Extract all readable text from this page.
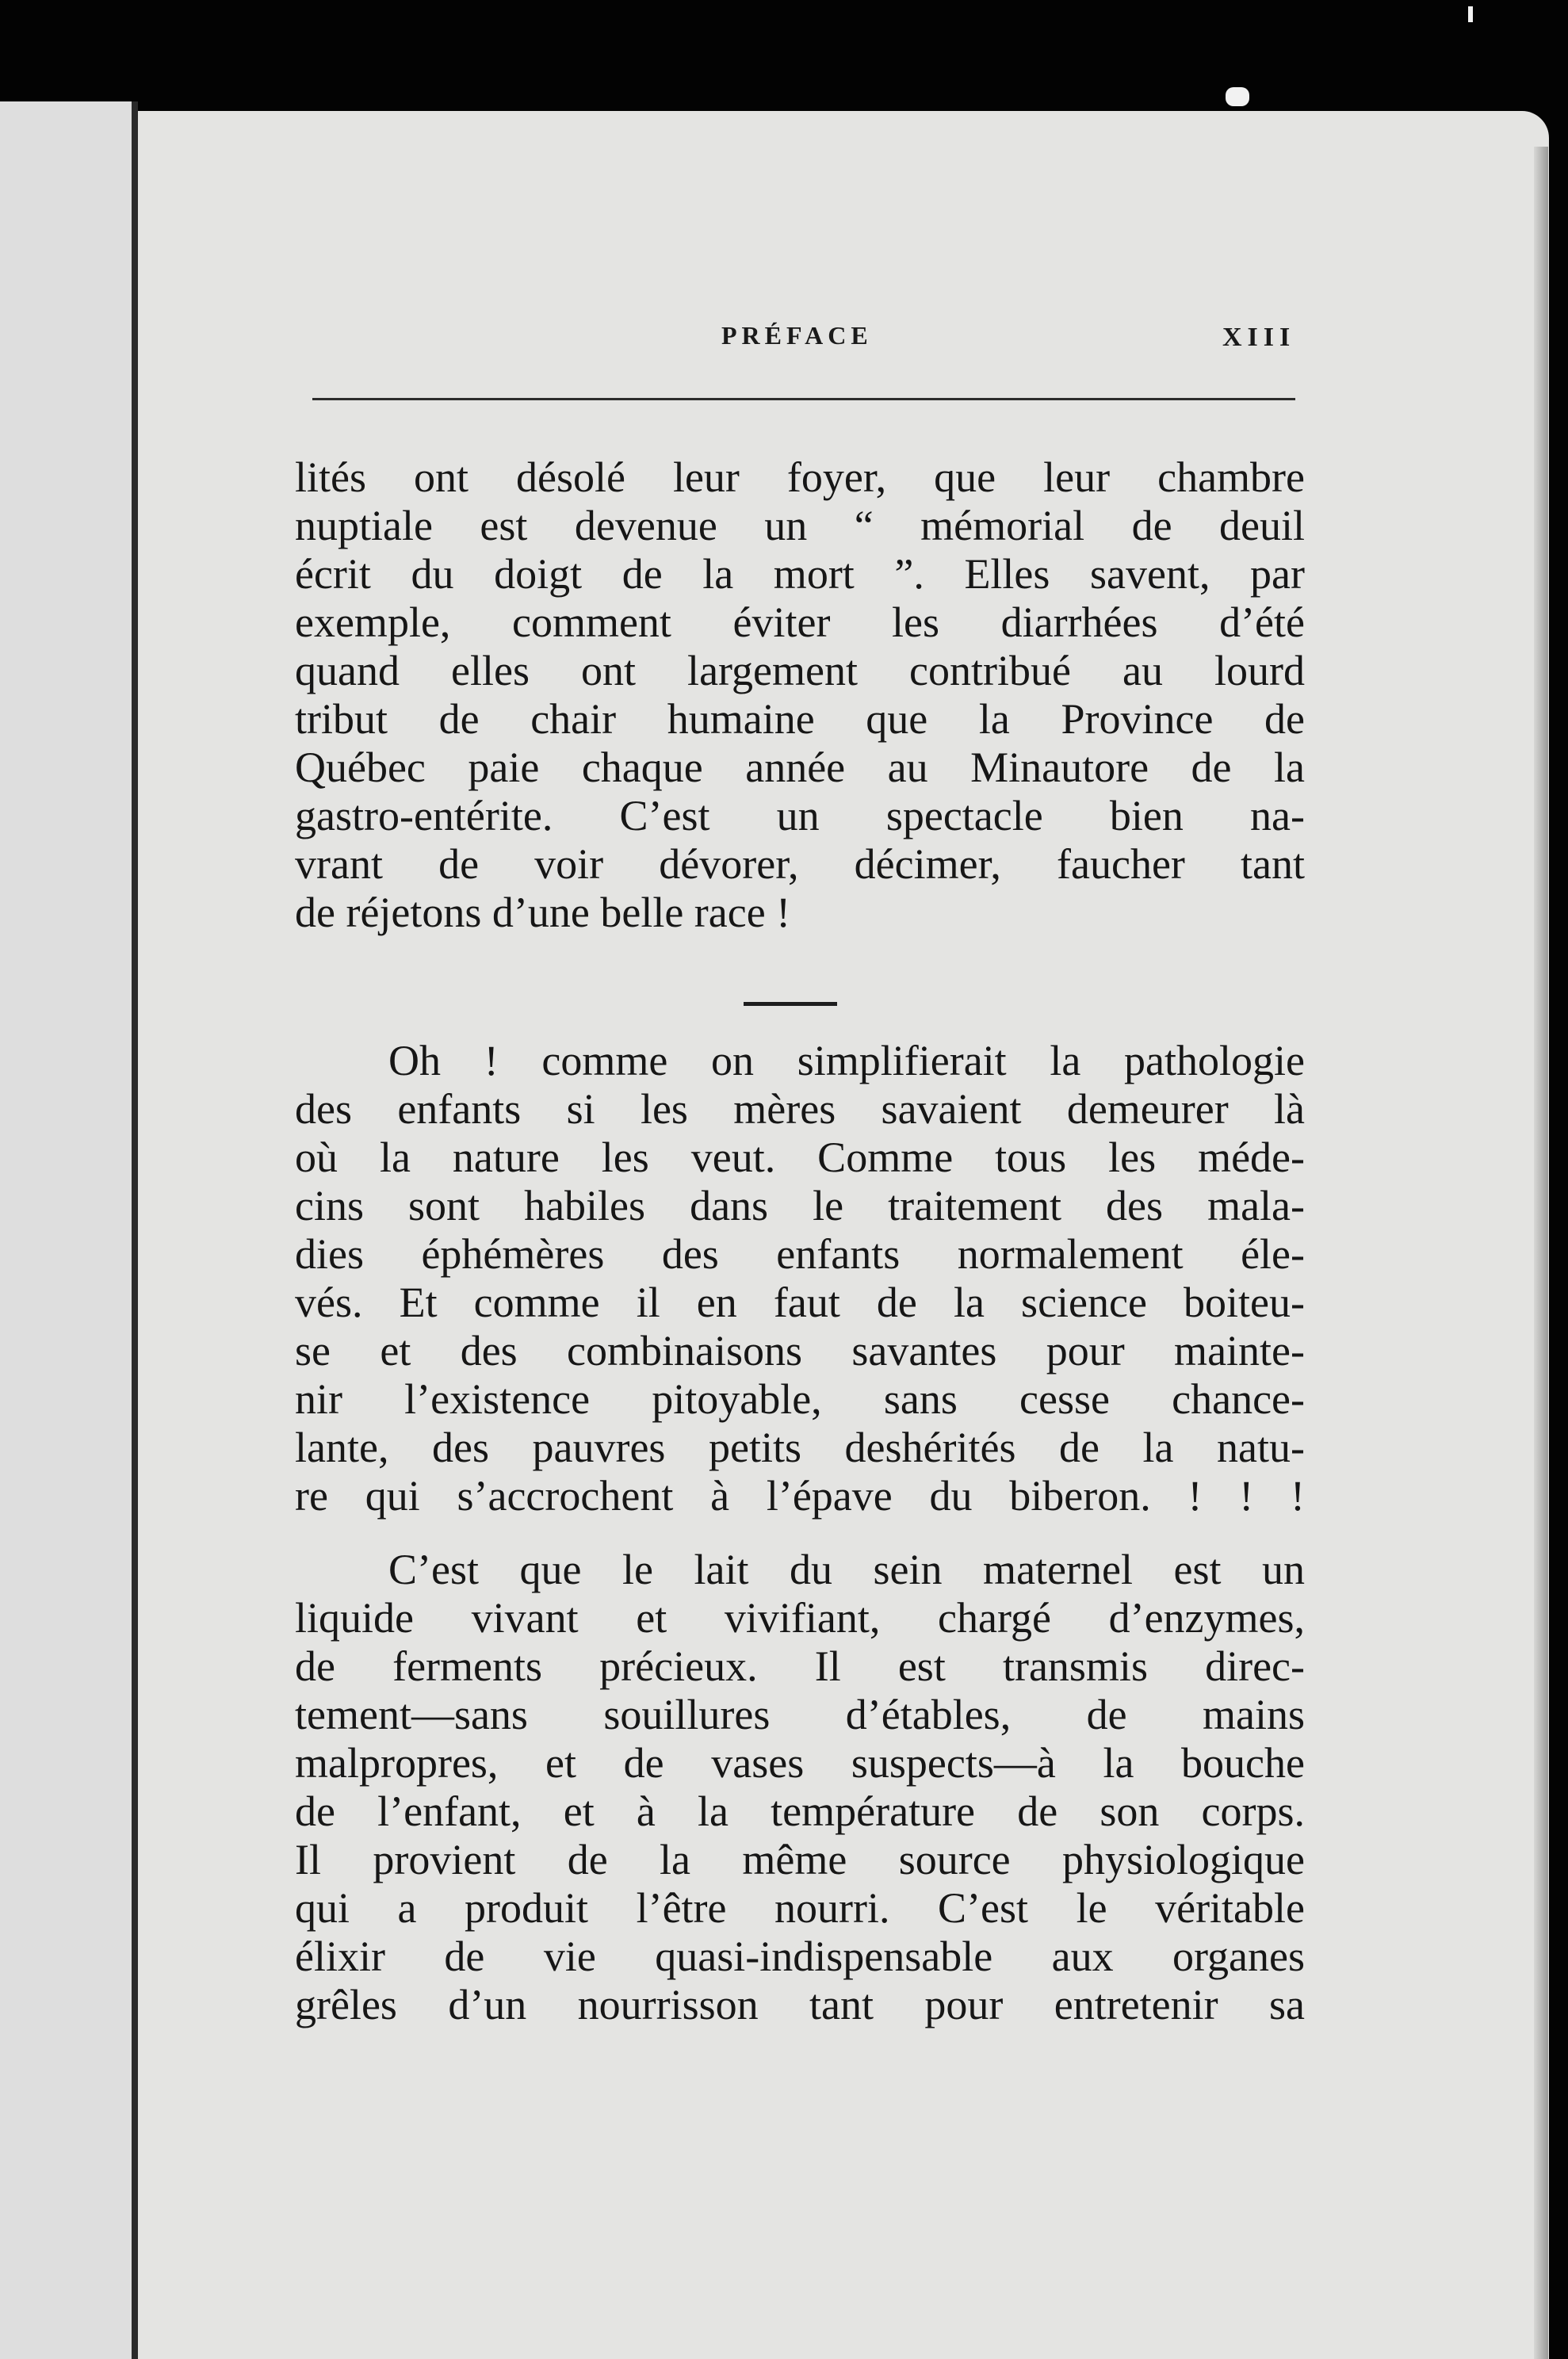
PRÉFACE	XIII
lités ont désolé leur foyer, que leur chambre
nuptiale est devenue un “ mémorial de deuil
écrit du doigt de la mort ”. Elles savent, par
exemple, comment éviter les diarrhées d’été
quand elles ont largement contribué au lourd
tribut de chair humaine que la Province de
Québec paie chaque année au Minautore de la
gastro-entérite. C’est un spectacle bien na-
vrant de voir dévorer, décimer, faucher tant
de réjetons d’une belle race !
Oh ! comme on simplifierait la pathologie
des enfants si les mères savaient demeurer là
où la nature les veut. Comme tous les méde-
cins sont habiles dans le traitement des mala-
dies éphémères des enfants normalement éle-
vés. Et comme il en faut de la science boiteu-
se et des combinaisons savantes pour mainte-
nir l’existence pitoyable, sans cesse chance-
lante, des pauvres petits deshérités de la natu-
re qui s’accrochent à l’épave du biberon. ! ! !
C’est que le lait du sein maternel est un
liquide vivant et vivifiant, chargé d’enzymes,
de ferments précieux. Il est transmis direc-
tement—sans souillures d’étables, de mains
malpropres, et de vases suspects—à la bouche
de l’enfant, et à la température de son corps.
Il provient de la même source physiologique
qui a produit l’être nourri. C’est le véritable
élixir de vie quasi-indispensable aux organes
grêles d’un nourrisson tant pour entretenir sa
